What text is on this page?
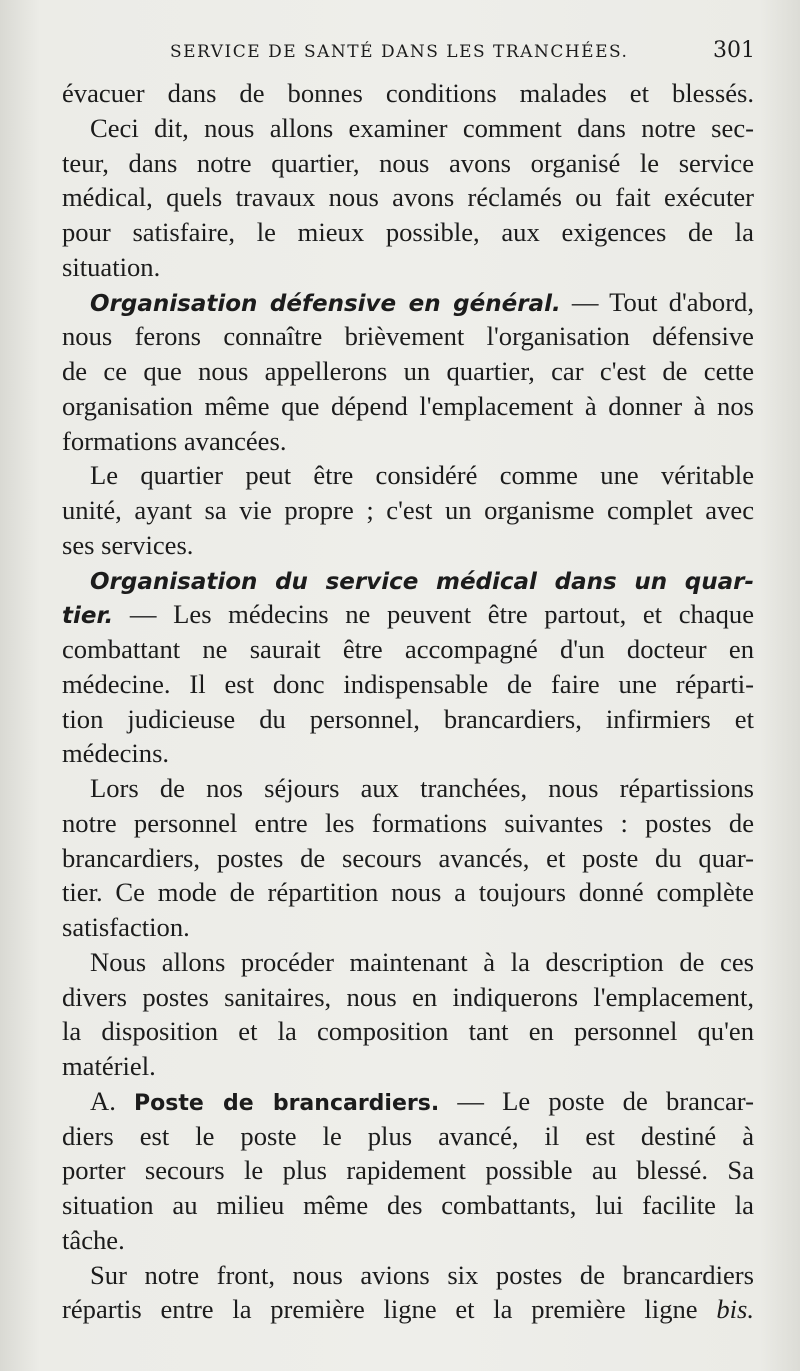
SERVICE DE SANTÉ DANS LES TRANCHÉES.	301
évacuer dans de bonnes conditions malades et blessés.
Ceci dit, nous allons examiner comment dans notre sec-
teur, dans notre quartier, nous avons organisé le service
médical, quels travaux nous avons réclamés ou fait exécuter
pour satisfaire, le mieux possible, aux exigences de la
situation.
Organisation défensive en général. — Tout d'abord,
nous ferons connaître brièvement l'organisation défensive
de ce que nous appellerons un quartier, car c'est de cette
organisation même que dépend l'emplacement à donner à nos
formations avancées.
Le quartier peut être considéré comme une véritable
unité, ayant sa vie propre ; c'est un organisme complet avec
ses services.
Organisation du service médical dans un quar-
tier. — Les médecins ne peuvent être partout, et chaque
combattant ne saurait être accompagné d'un docteur en
médecine. Il est donc indispensable de faire une réparti-
tion judicieuse du personnel, brancardiers, infirmiers et
médecins.
Lors de nos séjours aux tranchées, nous répartissions
notre personnel entre les formations suivantes : postes de
brancardiers, postes de secours avancés, et poste du quar-
tier. Ce mode de répartition nous a toujours donné complète
satisfaction.
Nous allons procéder maintenant à la description de ces
divers postes sanitaires, nous en indiquerons l'emplacement,
la disposition et la composition tant en personnel qu'en
matériel.
A. Poste de brancardiers. — Le poste de brancar-
diers est le poste le plus avancé, il est destiné à
porter secours le plus rapidement possible au blessé. Sa
situation au milieu même des combattants, lui facilite la
tâche.
Sur notre front, nous avions six postes de brancardiers
répartis entre la première ligne et la première ligne bis.
